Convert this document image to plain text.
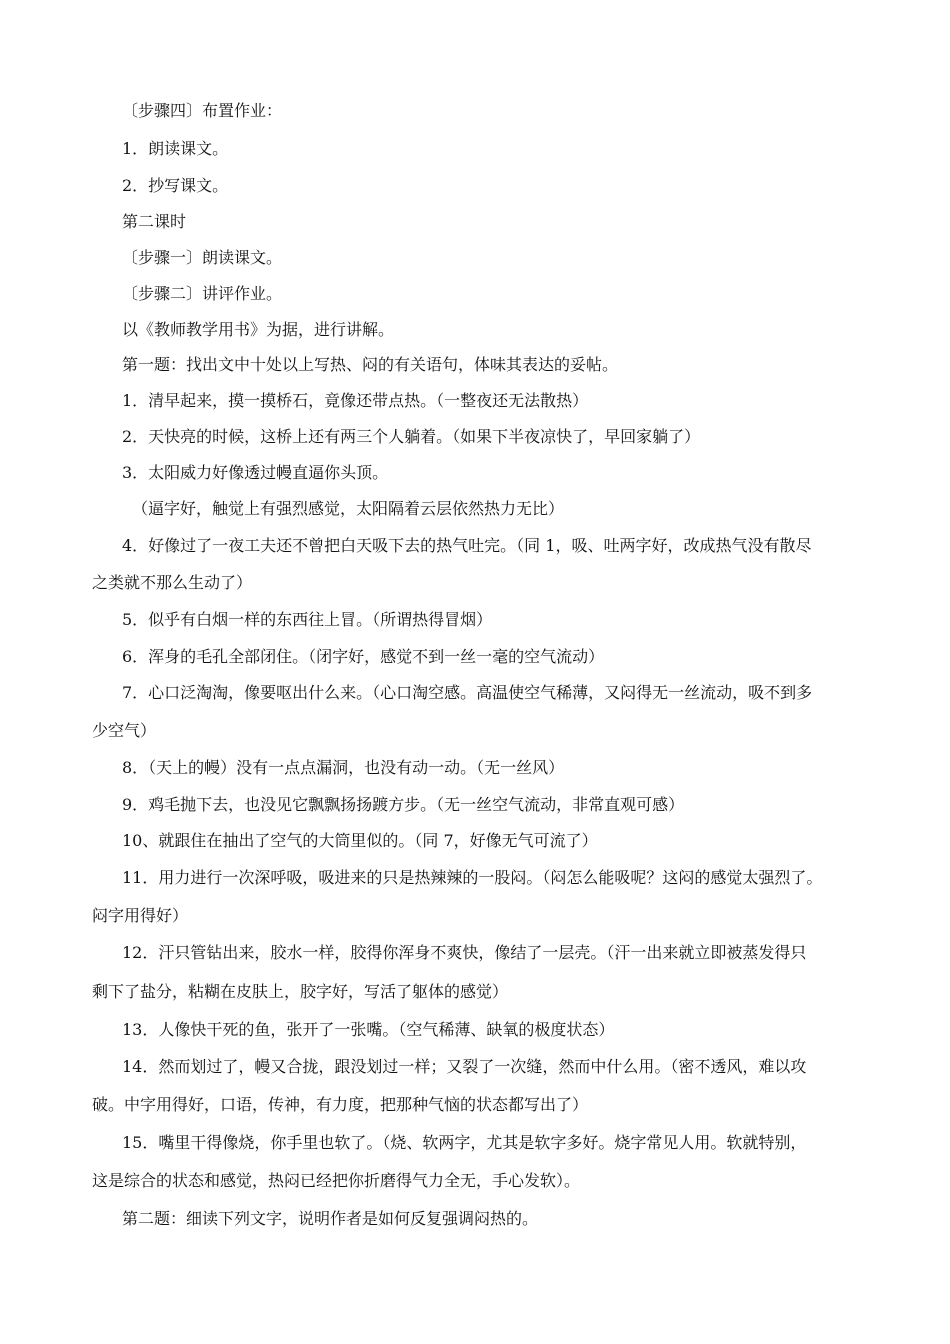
〔步骤四〕布置作业：
1．朗读课文。
2．抄写课文。
第二课时
〔步骤一〕朗读课文。
〔步骤二〕讲评作业。
以《教师教学用书》为据，进行讲解。
第一题：找出文中十处以上写热、闷的有关语句，体味其表达的妥帖。
1．清早起来，摸一摸桥石，竟像还带点热。（一整夜还无法散热）
2．天快亮的时候，这桥上还有两三个人躺着。（如果下半夜凉快了，早回家躺了）
3．太阳威力好像透过幔直逼你头顶。
（逼字好，触觉上有强烈感觉，太阳隔着云层依然热力无比）
4．好像过了一夜工夫还不曾把白天吸下去的热气吐完。（同 1，吸、吐两字好，改成热气没有散尽
之类就不那么生动了）
5．似乎有白烟一样的东西往上冒。（所谓热得冒烟）
6．浑身的毛孔全部闭住。（闭字好，感觉不到一丝一毫的空气流动）
7．心口泛淘淘，像要呕出什么来。（心口淘空感。高温使空气稀薄，又闷得无一丝流动，吸不到多
少空气）
8．（天上的幔）没有一点点漏洞，也没有动一动。（无一丝风）
9．鸡毛抛下去，也没见它飘飘扬扬踱方步。（无一丝空气流动，非常直观可感）
10、就跟住在抽出了空气的大筒里似的。（同 7，好像无气可流了）
11．用力进行一次深呼吸，吸进来的只是热辣辣的一股闷。（闷怎么能吸呢？这闷的感觉太强烈了。
闷字用得好）
12．汗只管钻出来，胶水一样，胶得你浑身不爽快，像结了一层壳。（汗一出来就立即被蒸发得只
剩下了盐分，粘糊在皮肤上，胶字好，写活了躯体的感觉）
13．人像快干死的鱼，张开了一张嘴。（空气稀薄、缺氧的极度状态）
14．然而划过了，幔又合拢，跟没划过一样；又裂了一次缝，然而中什么用。（密不透风，难以攻
破。中字用得好，口语，传神，有力度，把那种气恼的状态都写出了）
15．嘴里干得像烧，你手里也软了。（烧、软两字，尤其是软字多好。烧字常见人用。软就特别，
这是综合的状态和感觉，热闷已经把你折磨得气力全无，手心发软）。
第二题：细读下列文字，说明作者是如何反复强调闷热的。
